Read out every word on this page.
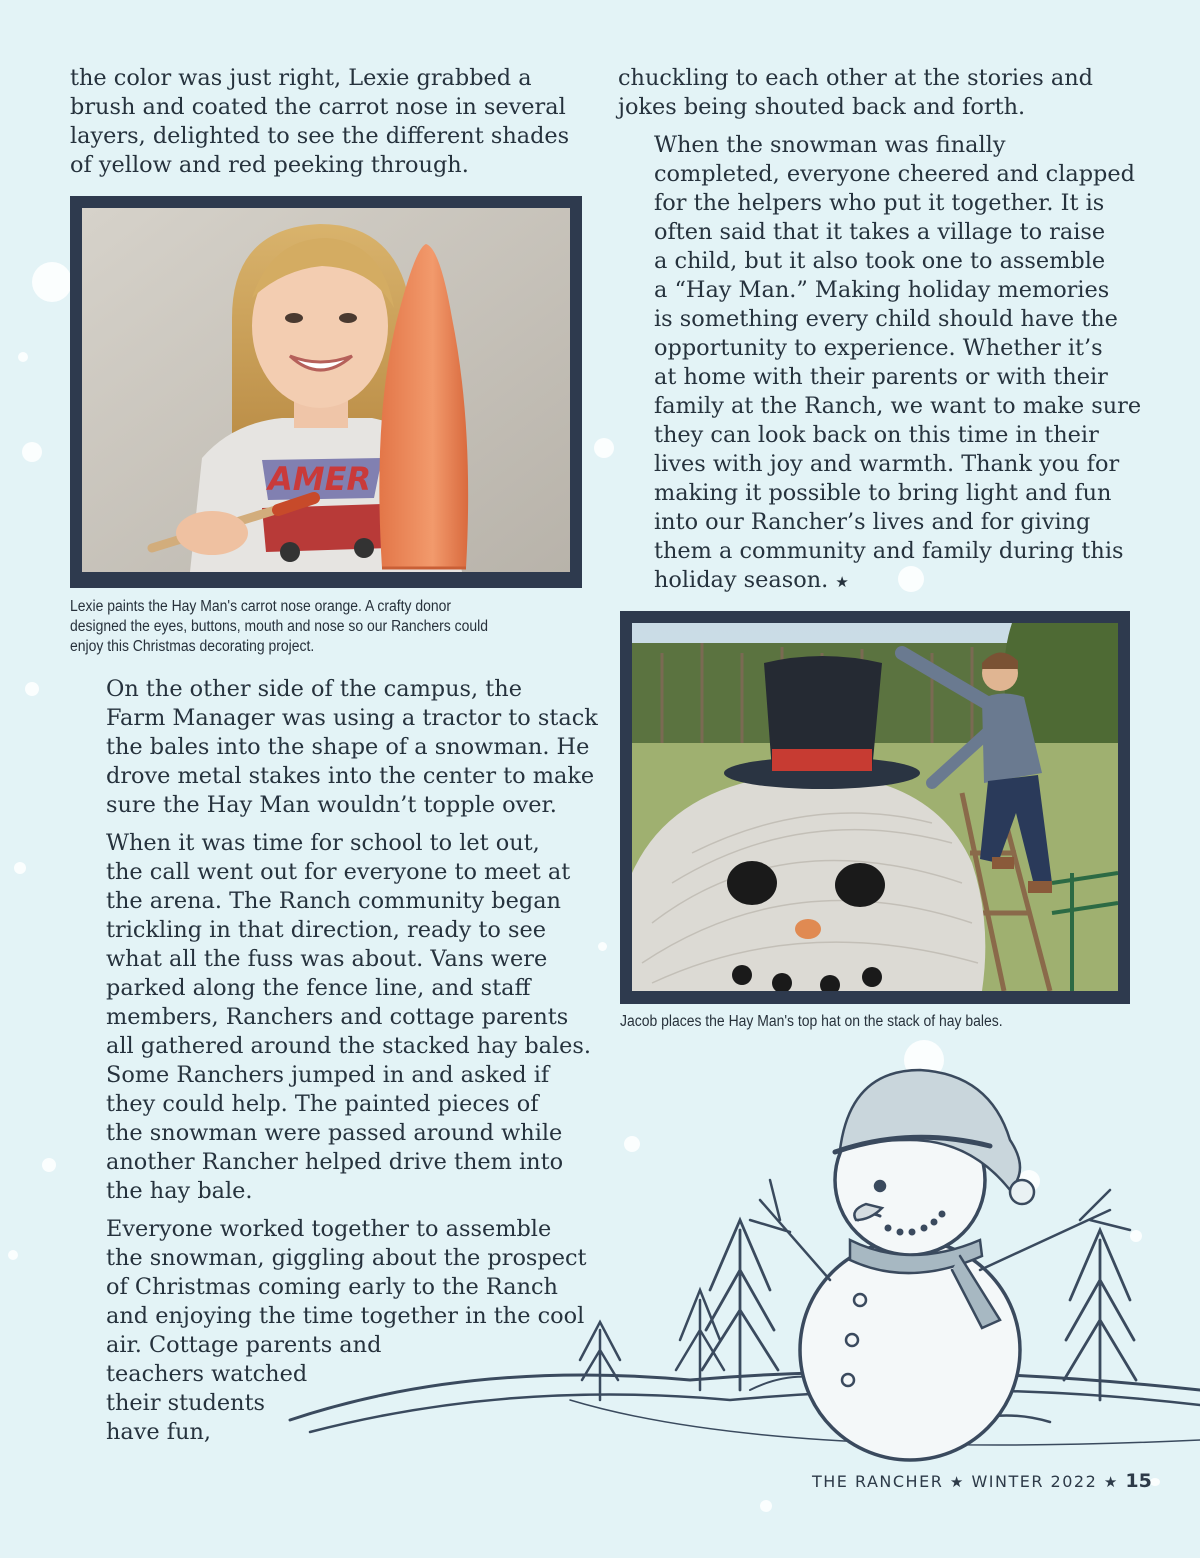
the color was just right, Lexie grabbed a
brush and coated the carrot nose in several
layers, delighted to see the different shades
of yellow and red peeking through.

On the other side of the campus, the
Farm Manager was using a tractor to stack
the bales into the shape of a snowman. He
drove metal stakes into the center to make
sure the Hay Man wouldn’t topple over.

When it was time for school to let out,
the call went out for everyone to meet at
the arena. The Ranch community began
trickling in that direction, ready to see
what all the fuss was about. Vans were
parked along the fence line, and staff
members, Ranchers and cottage parents
all gathered around the stacked hay bales.
Some Ranchers jumped in and asked if
they could help. The painted pieces of
the snowman were passed around while
another Rancher helped drive them into
the hay bale.

Everyone worked together to assemble
the snowman, giggling about the prospect
of Christmas coming early to the Ranch
and enjoying the time together in the cool
air. Cottage parents and
teachers watched
their students
have fun,

chuckling to each other at the stories and
jokes being shouted back and forth.

When the snowman was finally
completed, everyone cheered and clapped
for the helpers who put it together. It is
often said that it takes a village to raise
a child, but it also took one to assemble
a “Hay Man.” Making holiday memories
is something every child should have the
opportunity to experience. Whether it’s
at home with their parents or with their
family at the Ranch, we want to make sure
they can look back on this time in their
lives with joy and warmth. Thank you for
making it possible to bring light and fun
into our Rancher’s lives and for giving
them a community and family during this
holiday season. ★

AMER
Lexie paints the Hay Man's carrot nose orange. A crafty donor
designed the eyes, buttons, mouth and nose so our Ranchers could
enjoy this Christmas decorating project.
Jacob places the Hay Man's top hat on the stack of hay bales.
THE RANCHER ★ WINTER 2022 ★ 15
